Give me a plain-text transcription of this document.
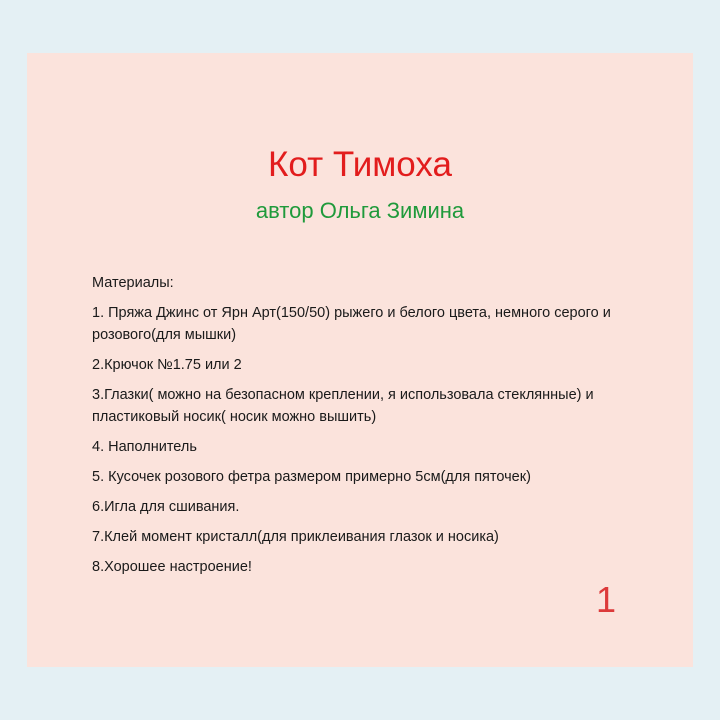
Кот Тимоха
автор Ольга Зимина
Материалы:
1. Пряжа Джинс от Ярн Арт(150/50) рыжего и белого цвета, немного серого и розового(для мышки)
2.Крючок №1.75 или 2
3.Глазки( можно на безопасном креплении, я использовала стеклянные) и пластиковый носик( носик можно вышить)
4. Наполнитель
5. Кусочек розового фетра размером примерно 5см(для пяточек)
6.Игла для сшивания.
7.Клей момент кристалл(для приклеивания глазок и носика)
8.Хорошее настроение!
1
